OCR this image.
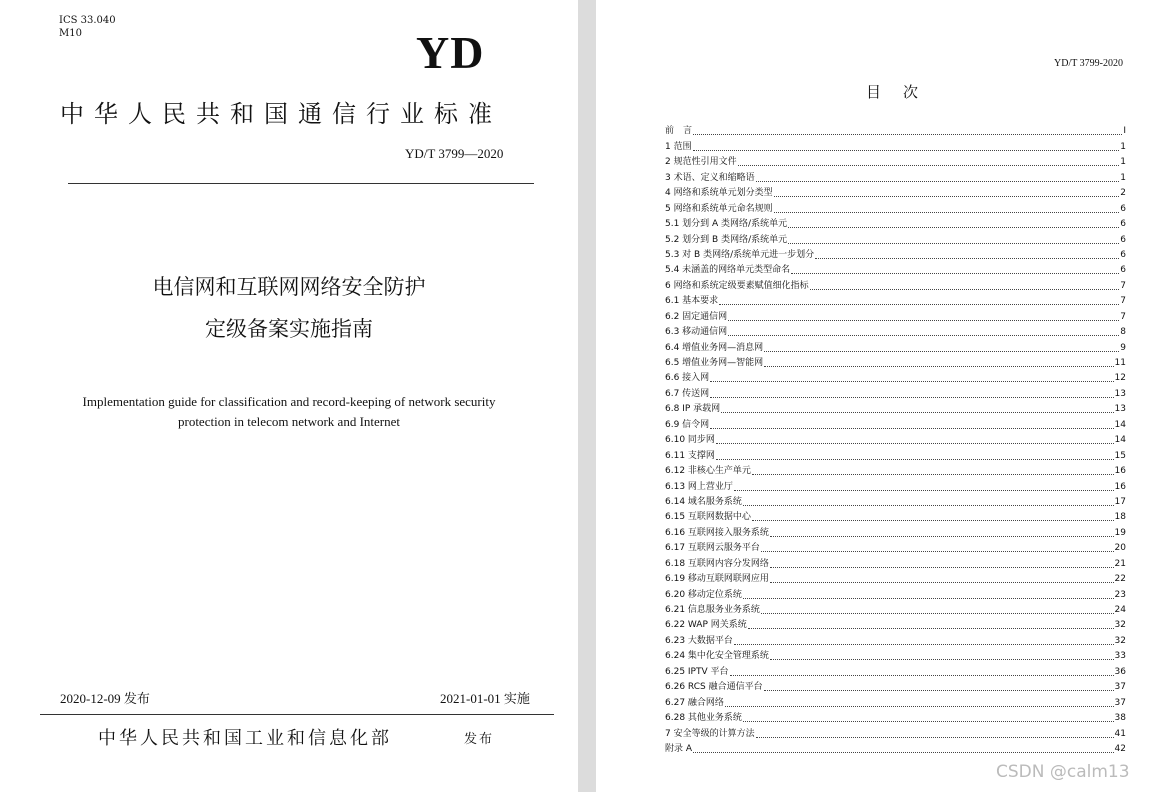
ICS 33.040
M10	YD
中华人民共和国通信行业标准
YD/T 3799—2020
电信网和互联网网络安全防护
定级备案实施指南
Implementation guide for classification and record-keeping of network security
protection in telecom network and Internet
2020-12-09 发布	2021-01-01 实施
中华人民共和国工业和信息化部	发布
YD/T 3799-2020
目次
前　言	I
1 范围	1
2 规范性引用文件	1
3 术语、定义和缩略语	1
4 网络和系统单元划分类型	2
5 网络和系统单元命名规则	6
5.1 划分到 A 类网络/系统单元	6
5.2 划分到 B 类网络/系统单元	6
5.3 对 B 类网络/系统单元进一步划分	6
5.4 未涵盖的网络单元类型命名	6
6 网络和系统定级要素赋值细化指标	7
6.1 基本要求	7
6.2 固定通信网	7
6.3 移动通信网	8
6.4 增值业务网—消息网	9
6.5 增值业务网—智能网	11
6.6 接入网	12
6.7 传送网	13
6.8 IP 承载网	13
6.9 信令网	14
6.10 同步网	14
6.11 支撑网	15
6.12 非核心生产单元	16
6.13 网上营业厅	16
6.14 域名服务系统	17
6.15 互联网数据中心	18
6.16 互联网接入服务系统	19
6.17 互联网云服务平台	20
6.18 互联网内容分发网络	21
6.19 移动互联网联网应用	22
6.20 移动定位系统	23
6.21 信息服务业务系统	24
6.22 WAP 网关系统	32
6.23 大数据平台	32
6.24 集中化安全管理系统	33
6.25 IPTV 平台	36
6.26 RCS 融合通信平台	37
6.27 融合网络	37
6.28 其他业务系统	38
7 安全等级的计算方法	41
附录 A	42
CSDN @calm13
